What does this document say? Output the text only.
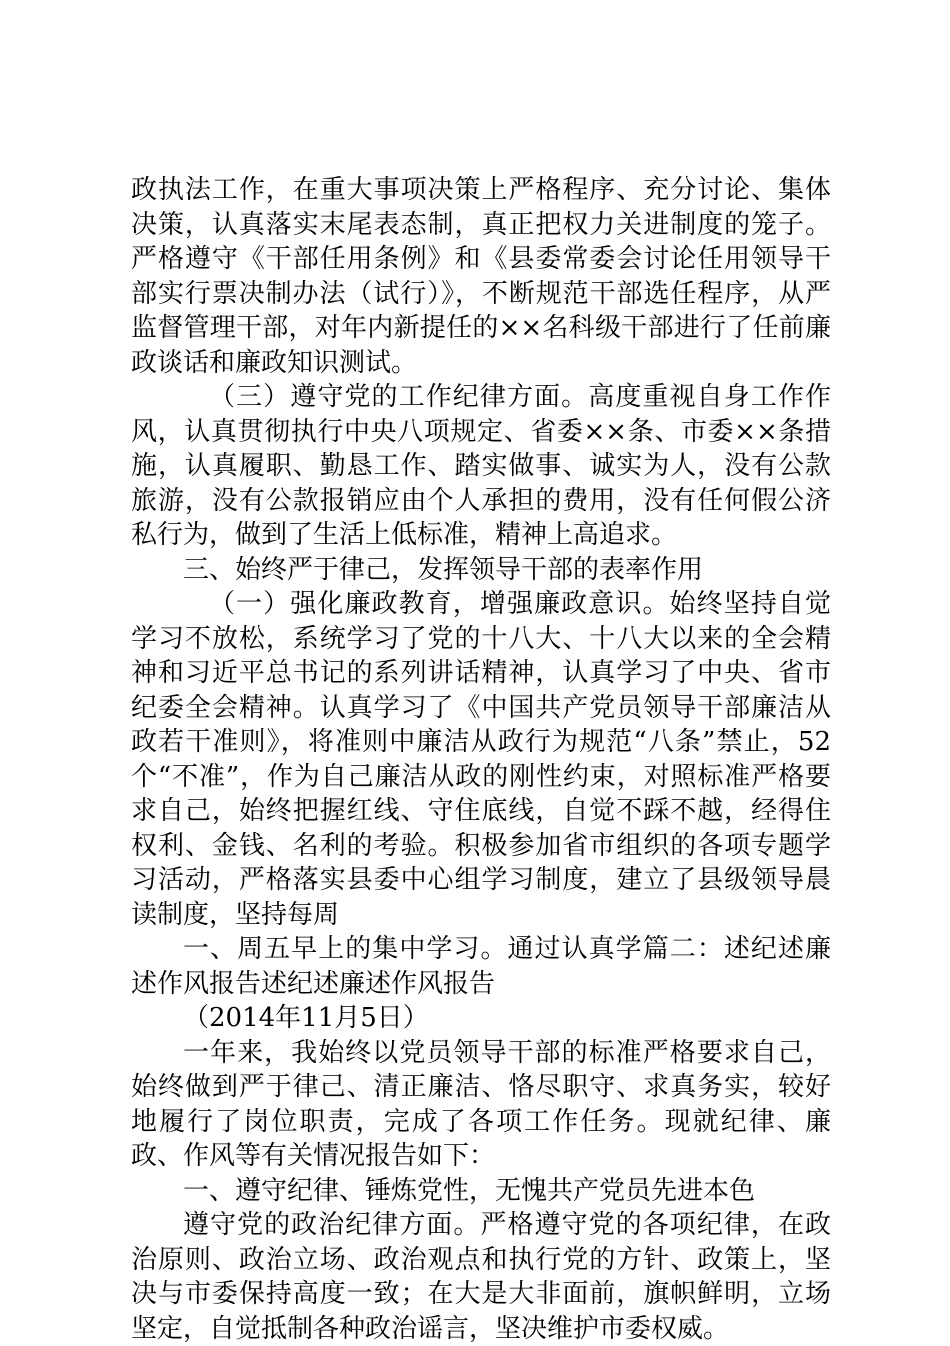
政执法工作，在重大事项决策上严格程序、充分讨论、集体决策，认真落实末尾表态制，真正把权力关进制度的笼子。严格遵守《干部任用条例》和《县委常委会讨论任用领导干部实行票决制办法（试行）》，不断规范干部选任程序，从严监督管理干部，对年内新提任的××名科级干部进行了任前廉政谈话和廉政知识测试。

（三）遵守党的工作纪律方面。高度重视自身工作作风，认真贯彻执行中央八项规定、省委××条、市委××条措施，认真履职、勤恳工作、踏实做事、诚实为人，没有公款旅游，没有公款报销应由个人承担的费用，没有任何假公济私行为，做到了生活上低标准，精神上高追求。

三、始终严于律己，发挥领导干部的表率作用

（一）强化廉政教育，增强廉政意识。始终坚持自觉学习不放松，系统学习了党的十八大、十八大以来的全会精神和习近平总书记的系列讲话精神，认真学习了中央、省市纪委全会精神。认真学习了《中国共产党员领导干部廉洁从政若干准则》，将准则中廉洁从政行为规范“八条”禁止，52个“不准”，作为自己廉洁从政的刚性约束，对照标准严格要求自己，始终把握红线、守住底线，自觉不踩不越，经得住权利、金钱、名利的考验。积极参加省市组织的各项专题学习活动，严格落实县委中心组学习制度，建立了县级领导晨读制度，坚持每周

一、周五早上的集中学习。通过认真学篇二：述纪述廉述作风报告述纪述廉述作风报告

（2014年11月5日）

一年来，我始终以党员领导干部的标准严格要求自己，始终做到严于律己、清正廉洁、恪尽职守、求真务实，较好地履行了岗位职责，完成了各项工作任务。现就纪律、廉政、作风等有关情况报告如下：

一、遵守纪律、锤炼党性，无愧共产党员先进本色

遵守党的政治纪律方面。严格遵守党的各项纪律，在政治原则、政治立场、政治观点和执行党的方针、政策上，坚决与市委保持高度一致；在大是大非面前，旗帜鲜明，立场坚定，自觉抵制各种政治谣言，坚决维护市委权威。
